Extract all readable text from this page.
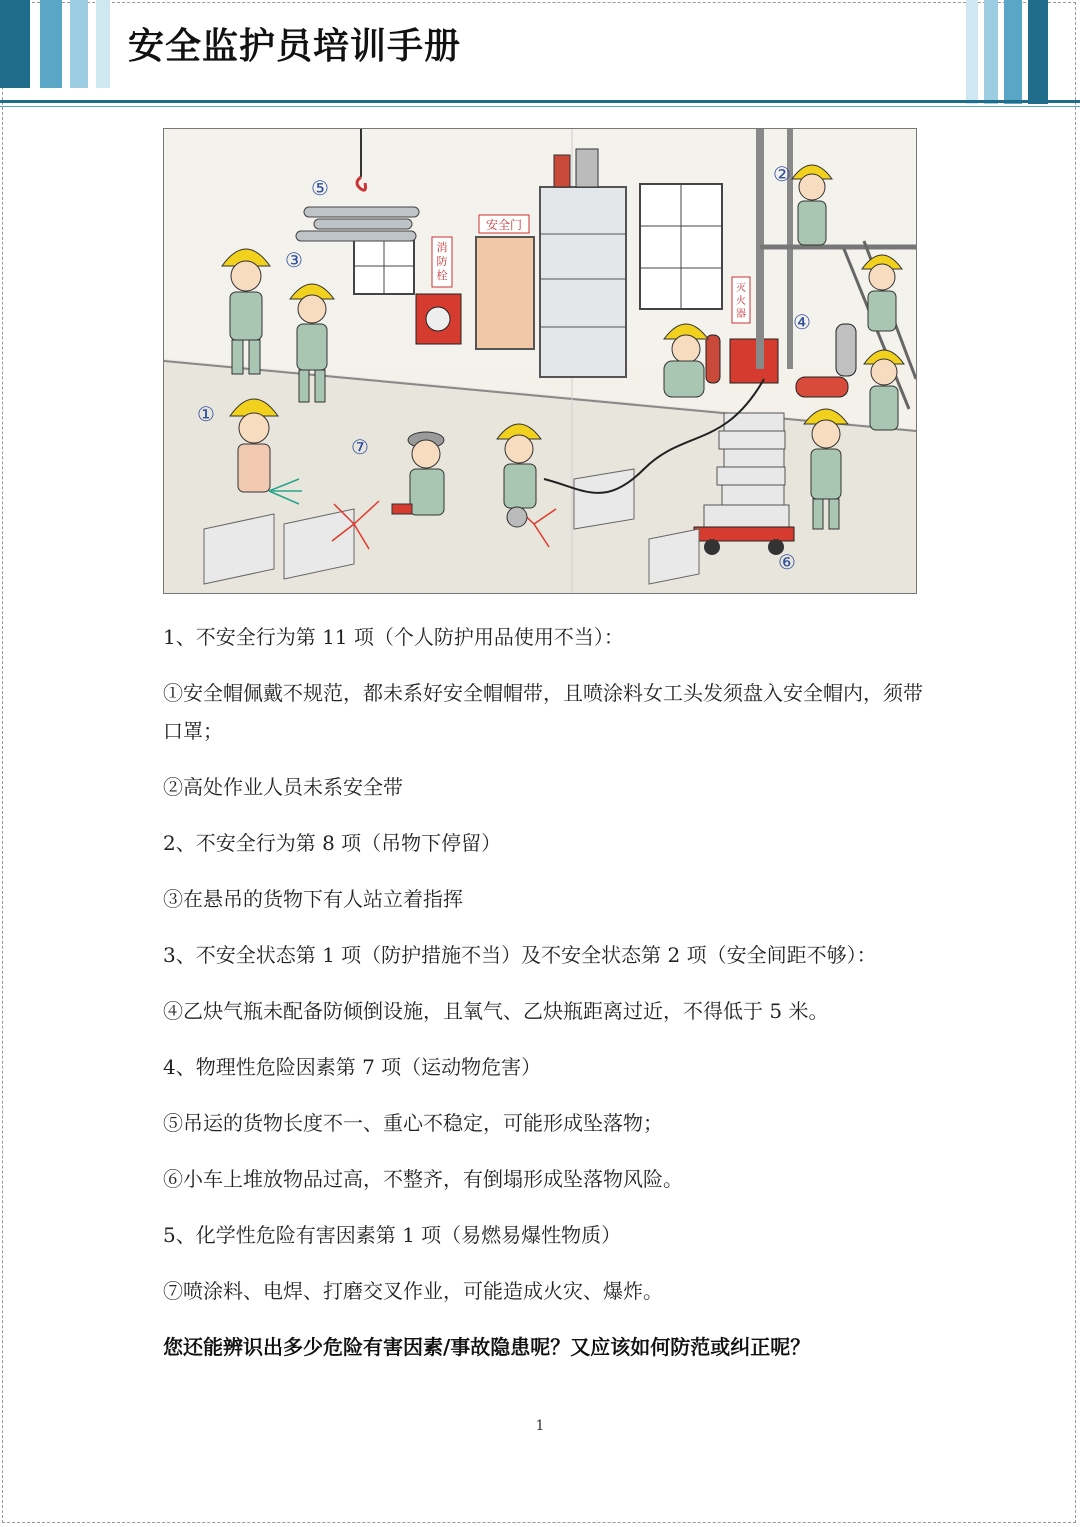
安全监护员培训手册
消
防
栓
安全门
灭
火
器
①
②
③
④
⑤
⑥
⑦

1、不安全行为第 11 项（个人防护用品使用不当）：

①安全帽佩戴不规范，都未系好安全帽帽带，且喷涂料女工头发须盘入安全帽内，须带口罩；

②高处作业人员未系安全带

2、不安全行为第 8 项（吊物下停留）

③在悬吊的货物下有人站立着指挥

3、不安全状态第 1 项（防护措施不当）及不安全状态第 2 项（安全间距不够）：

④乙炔气瓶未配备防倾倒设施，且氧气、乙炔瓶距离过近，不得低于 5 米。

4、物理性危险因素第 7 项（运动物危害）

⑤吊运的货物长度不一、重心不稳定，可能形成坠落物；

⑥小车上堆放物品过高，不整齐，有倒塌形成坠落物风险。

5、化学性危险有害因素第 1 项（易燃易爆性物质）

⑦喷涂料、电焊、打磨交叉作业，可能造成火灾、爆炸。

您还能辨识出多少危险有害因素/事故隐患呢？又应该如何防范或纠正呢？

1
